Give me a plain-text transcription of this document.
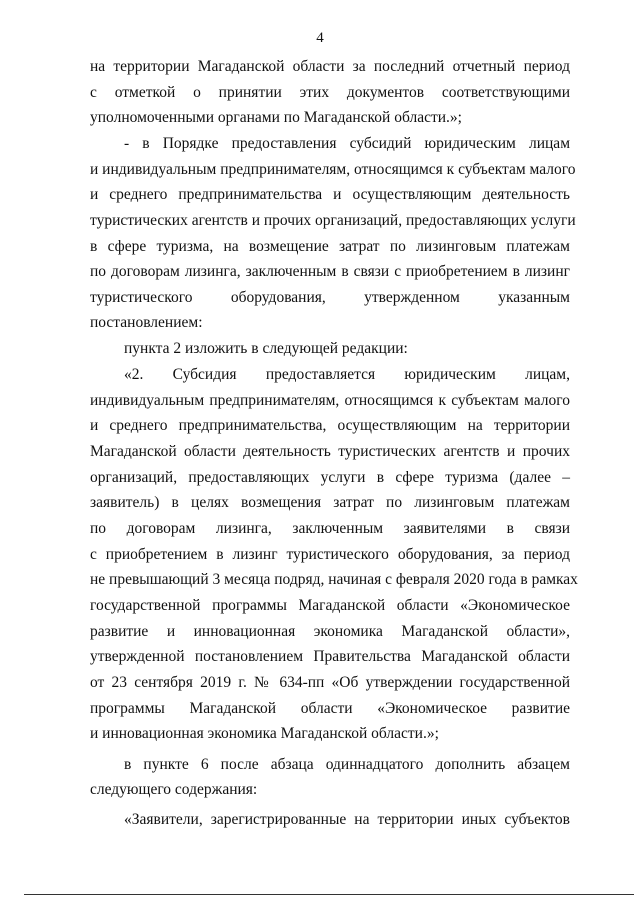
4
на территории Магаданской области за последний отчетный период
с отметкой о принятии этих документов соответствующими
уполномоченными органами по Магаданской области.»;
- в Порядке предоставления субсидий юридическим лицам
и индивидуальным предпринимателям, относящимся к субъектам малого
и среднего предпринимательства и осуществляющим деятельность
туристических агентств и прочих организаций, предоставляющих услуги
в сфере туризма, на возмещение затрат по лизинговым платежам
по договорам лизинга, заключенным в связи с приобретением в лизинг
туристического оборудования, утвержденном указанным
постановлением:
пункта 2 изложить в следующей редакции:
«2. Субсидия предоставляется юридическим лицам,
индивидуальным предпринимателям, относящимся к субъектам малого
и среднего предпринимательства, осуществляющим на территории
Магаданской области деятельность туристических агентств и прочих
организаций, предоставляющих услуги в сфере туризма (далее –
заявитель) в целях возмещения затрат по лизинговым платежам
по договорам лизинга, заключенным заявителями в связи
с приобретением в лизинг туристического оборудования, за период
не превышающий 3 месяца подряд, начиная с февраля 2020 года в рамках
государственной программы Магаданской области «Экономическое
развитие и инновационная экономика Магаданской области»,
утвержденной постановлением Правительства Магаданской области
от 23 сентября 2019 г. № 634-пп «Об утверждении государственной
программы Магаданской области «Экономическое развитие
и инновационная экономика Магаданской области.»;
в пункте 6 после абзаца одиннадцатого дополнить абзацем
следующего содержания:
«Заявители, зарегистрированные на территории иных субъектов
